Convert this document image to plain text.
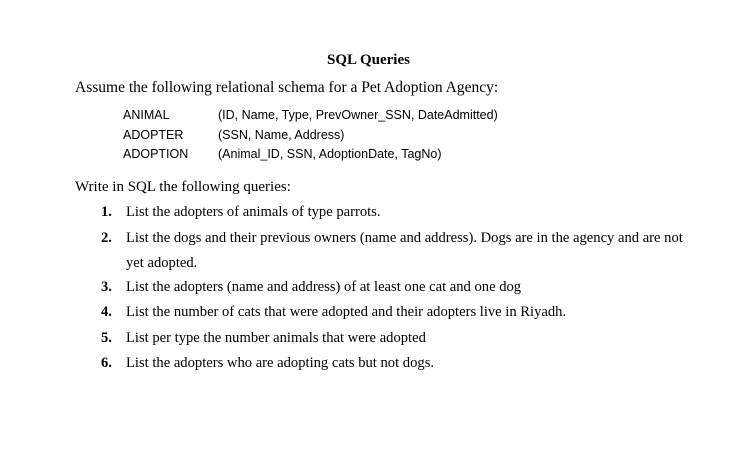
SQL Queries
Assume the following relational schema for a Pet Adoption Agency:
ANIMAL	(ID, Name, Type, PrevOwner_SSN, DateAdmitted)
ADOPTER	(SSN, Name, Address)
ADOPTION (Animal_ID, SSN, AdoptionDate, TagNo)
Write in SQL the following queries:
1. List the adopters of animals of type parrots.
2. List the dogs and their previous owners (name and address). Dogs are in the agency and are not
yet adopted.
3. List the adopters (name and address) of at least one cat and one dog
4. List the number of cats that were adopted and their adopters live in Riyadh.
5. List per type the number animals that were adopted
6. List the adopters who are adopting cats but not dogs.
